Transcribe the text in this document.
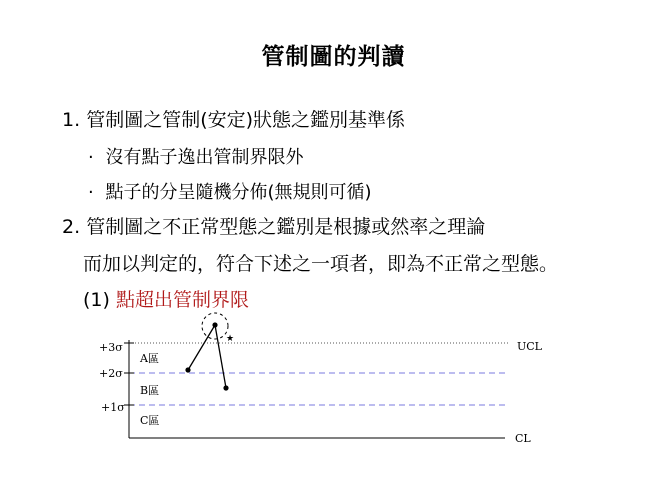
管制圖的判讀
1. 管制圖之管制(安定)狀態之鑑別基準係
· 沒有點子逸出管制界限外
· 點子的分呈隨機分佈(無規則可循)
2. 管制圖之不正常型態之鑑別是根據或然率之理論
而加以判定的，符合下述之一項者，即為不正常之型態。
(1) 點超出管制界限
+3σ
+2σ
+1σ
UCL
CL
A區
B區
C區
★
